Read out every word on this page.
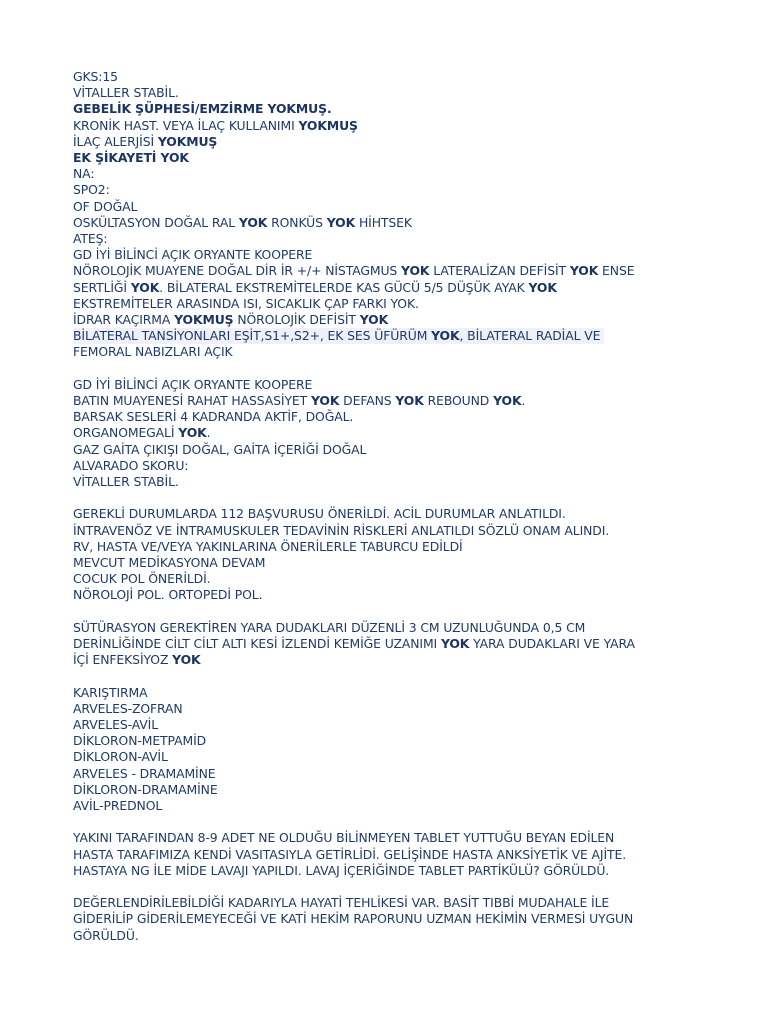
GKS:15
VİTALLER STABİL.
GEBELİK ŞÜPHESİ/EMZİRME YOKMUŞ.
KRONİK HAST. VEYA İLAÇ KULLANIMI YOKMUŞ
İLAÇ ALERJİSİ YOKMUŞ
EK ŞİKAYETİ YOK
NA:
SPO2:
OF DOĞAL
OSKÜLTASYON DOĞAL RAL YOK RONKÜS YOK HİHTSEK
ATEŞ:
GD İYİ BİLİNCİ AÇIK ORYANTE KOOPERE
NÖROLOJİK MUAYENE DOĞAL DİR İR +/+ NİSTAGMUS YOK LATERALİZAN DEFİSİT YOK ENSE
SERTLİĞİ YOK. BİLATERAL EKSTREMİTELERDE KAS GÜCÜ 5/5 DÜŞÜK AYAK YOK
EKSTREMİTELER ARASINDA ISI, SICAKLIK ÇAP FARKI YOK.
İDRAR KAÇIRMA YOKMUŞ NÖROLOJİK DEFİSİT YOK
BİLATERAL TANSİYONLARI EŞİT,S1+,S2+, EK SES ÜFÜRÜM YOK, BİLATERAL RADİAL VE
FEMORAL NABIZLARI AÇIK
GD İYİ BİLİNCİ AÇIK ORYANTE KOOPERE
BATIN MUAYENESİ RAHAT HASSASİYET YOK DEFANS YOK REBOUND YOK.
BARSAK SESLERİ 4 KADRANDA AKTİF, DOĞAL.
ORGANOMEGALİ YOK.
GAZ GAİTA ÇIKIŞI DOĞAL, GAİTA İÇERİĞİ DOĞAL
ALVARADO SKORU:
VİTALLER STABİL.
GEREKLİ DURUMLARDA 112 BAŞVURUSU ÖNERİLDİ. ACİL DURUMLAR ANLATILDI.
İNTRAVENÖZ VE İNTRAMUSKULER TEDAVİNİN RİSKLERİ ANLATILDI SÖZLÜ ONAM ALINDI.
RV, HASTA VE/VEYA YAKINLARINA ÖNERİLERLE TABURCU EDİLDİ
MEVCUT MEDİKASYONA DEVAM
COCUK POL ÖNERİLDİ.
NÖROLOJİ POL. ORTOPEDİ POL.
SÜTÜRASYON GEREKTİREN YARA DUDAKLARI DÜZENLİ 3 CM UZUNLUĞUNDA 0,5 CM
DERİNLİĞİNDE CİLT CİLT ALTI KESİ İZLENDİ KEMİĞE UZANIMI YOK YARA DUDAKLARI VE YARA
İÇİ ENFEKSİYOZ YOK
KARIŞTIRMA
ARVELES-ZOFRAN
ARVELES-AVİL
DİKLORON-METPAMİD
DİKLORON-AVİL
ARVELES - DRAMAMİNE
DİKLORON-DRAMAMİNE
AVİL-PREDNOL
YAKINI TARAFINDAN 8-9 ADET NE OLDUĞU BİLİNMEYEN TABLET YUTTUĞU BEYAN EDİLEN
HASTA TARAFIMIZA KENDİ VASITASIYLA GETİRLİDİ. GELİŞİNDE HASTA ANKSİYETİK VE AJİTE.
HASTAYA NG İLE MİDE LAVAJI YAPILDI. LAVAJ İÇERİĞİNDE TABLET PARTİKÜLÜ? GÖRÜLDÜ.
DEĞERLENDİRİLEBİLDİĞİ KADARIYLA HAYATİ TEHLİKESİ VAR. BASİT TIBBİ MUDAHALE İLE
GİDERİLİP GİDERİLEMEYECEĞİ VE KATİ HEKİM RAPORUNU UZMAN HEKİMİN VERMESİ UYGUN
GÖRÜLDÜ.
